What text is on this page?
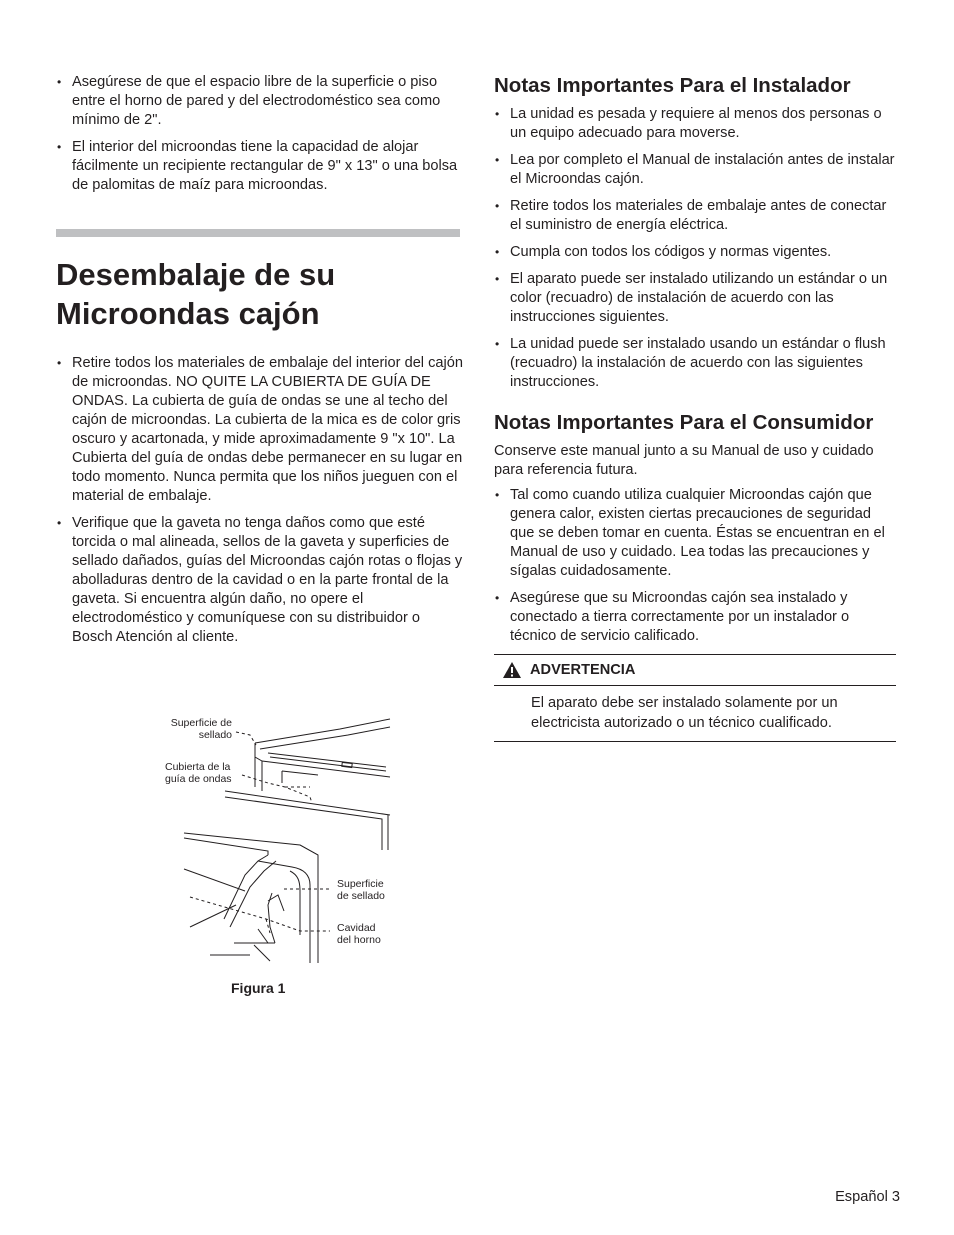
• Asegúrese de que el espacio libre de la superficie o piso entre el horno de pared y del electrodoméstico sea como mínimo de 2".
• El interior del microondas tiene la capacidad de alojar fácilmente un recipiente rectangular de 9" x 13" o una bolsa de palomitas de maíz para microondas.
Desembalaje de su
Microondas cajón
• Retire todos los materiales de embalaje del interior del cajón de microondas. NO QUITE LA CUBIERTA DE GUÍA DE ONDAS. La cubierta de guía de ondas se une al techo del cajón de microondas. La cubierta de la mica es de color gris oscuro y acartonada, y mide aproximadamente 9 "x 10". La Cubierta del guía de ondas debe permanecer en su lugar en todo momento. Nunca permita que los niños jueguen con el material de embalaje.
• Verifique que la gaveta no tenga daños como que esté torcida o mal alineada, sellos de la gaveta y superficies de sellado dañados, guías del Microondas cajón rotas o flojas y abolladuras dentro de la cavidad o en la parte frontal de la gaveta. Si encuentra algún daño, no opere el electrodoméstico y comuníquese con su distribuidor o Bosch Atención al cliente.
Superficie de
sellado
Cubierta de la
guía de ondas
Superficie
de sellado
Cavidad
del horno
Figura 1
Notas Importantes Para el Instalador
• La unidad es pesada y requiere al menos dos personas o un equipo adecuado para moverse.
• Lea por completo el Manual de instalación antes de instalar el Microondas cajón.
• Retire todos los materiales de embalaje antes de conectar el suministro de energía eléctrica.
• Cumpla con todos los códigos y normas vigentes.
• El aparato puede ser instalado utilizando un estándar o un color (recuadro) de instalación de acuerdo con las instrucciones siguientes.
• La unidad puede ser instalado usando un estándar o flush (recuadro) la instalación de acuerdo con las siguientes instrucciones.
Notas Importantes Para el Consumidor

Conserve este manual junto a su Manual de uso y cuidado para referencia futura.

• Tal como cuando utiliza cualquier Microondas cajón que genera calor, existen ciertas precauciones de seguridad que se deben tomar en cuenta. Éstas se encuentran en el Manual de uso y cuidado. Lea todas las precauciones y sígalas cuidadosamente.
• Asegúrese que su Microondas cajón sea instalado y conectado a tierra correctamente por un instalador o técnico de servicio calificado.
ADVERTENCIA
El aparato debe ser instalado solamente por un electricista autorizado o un técnico cualificado.
Español 3
